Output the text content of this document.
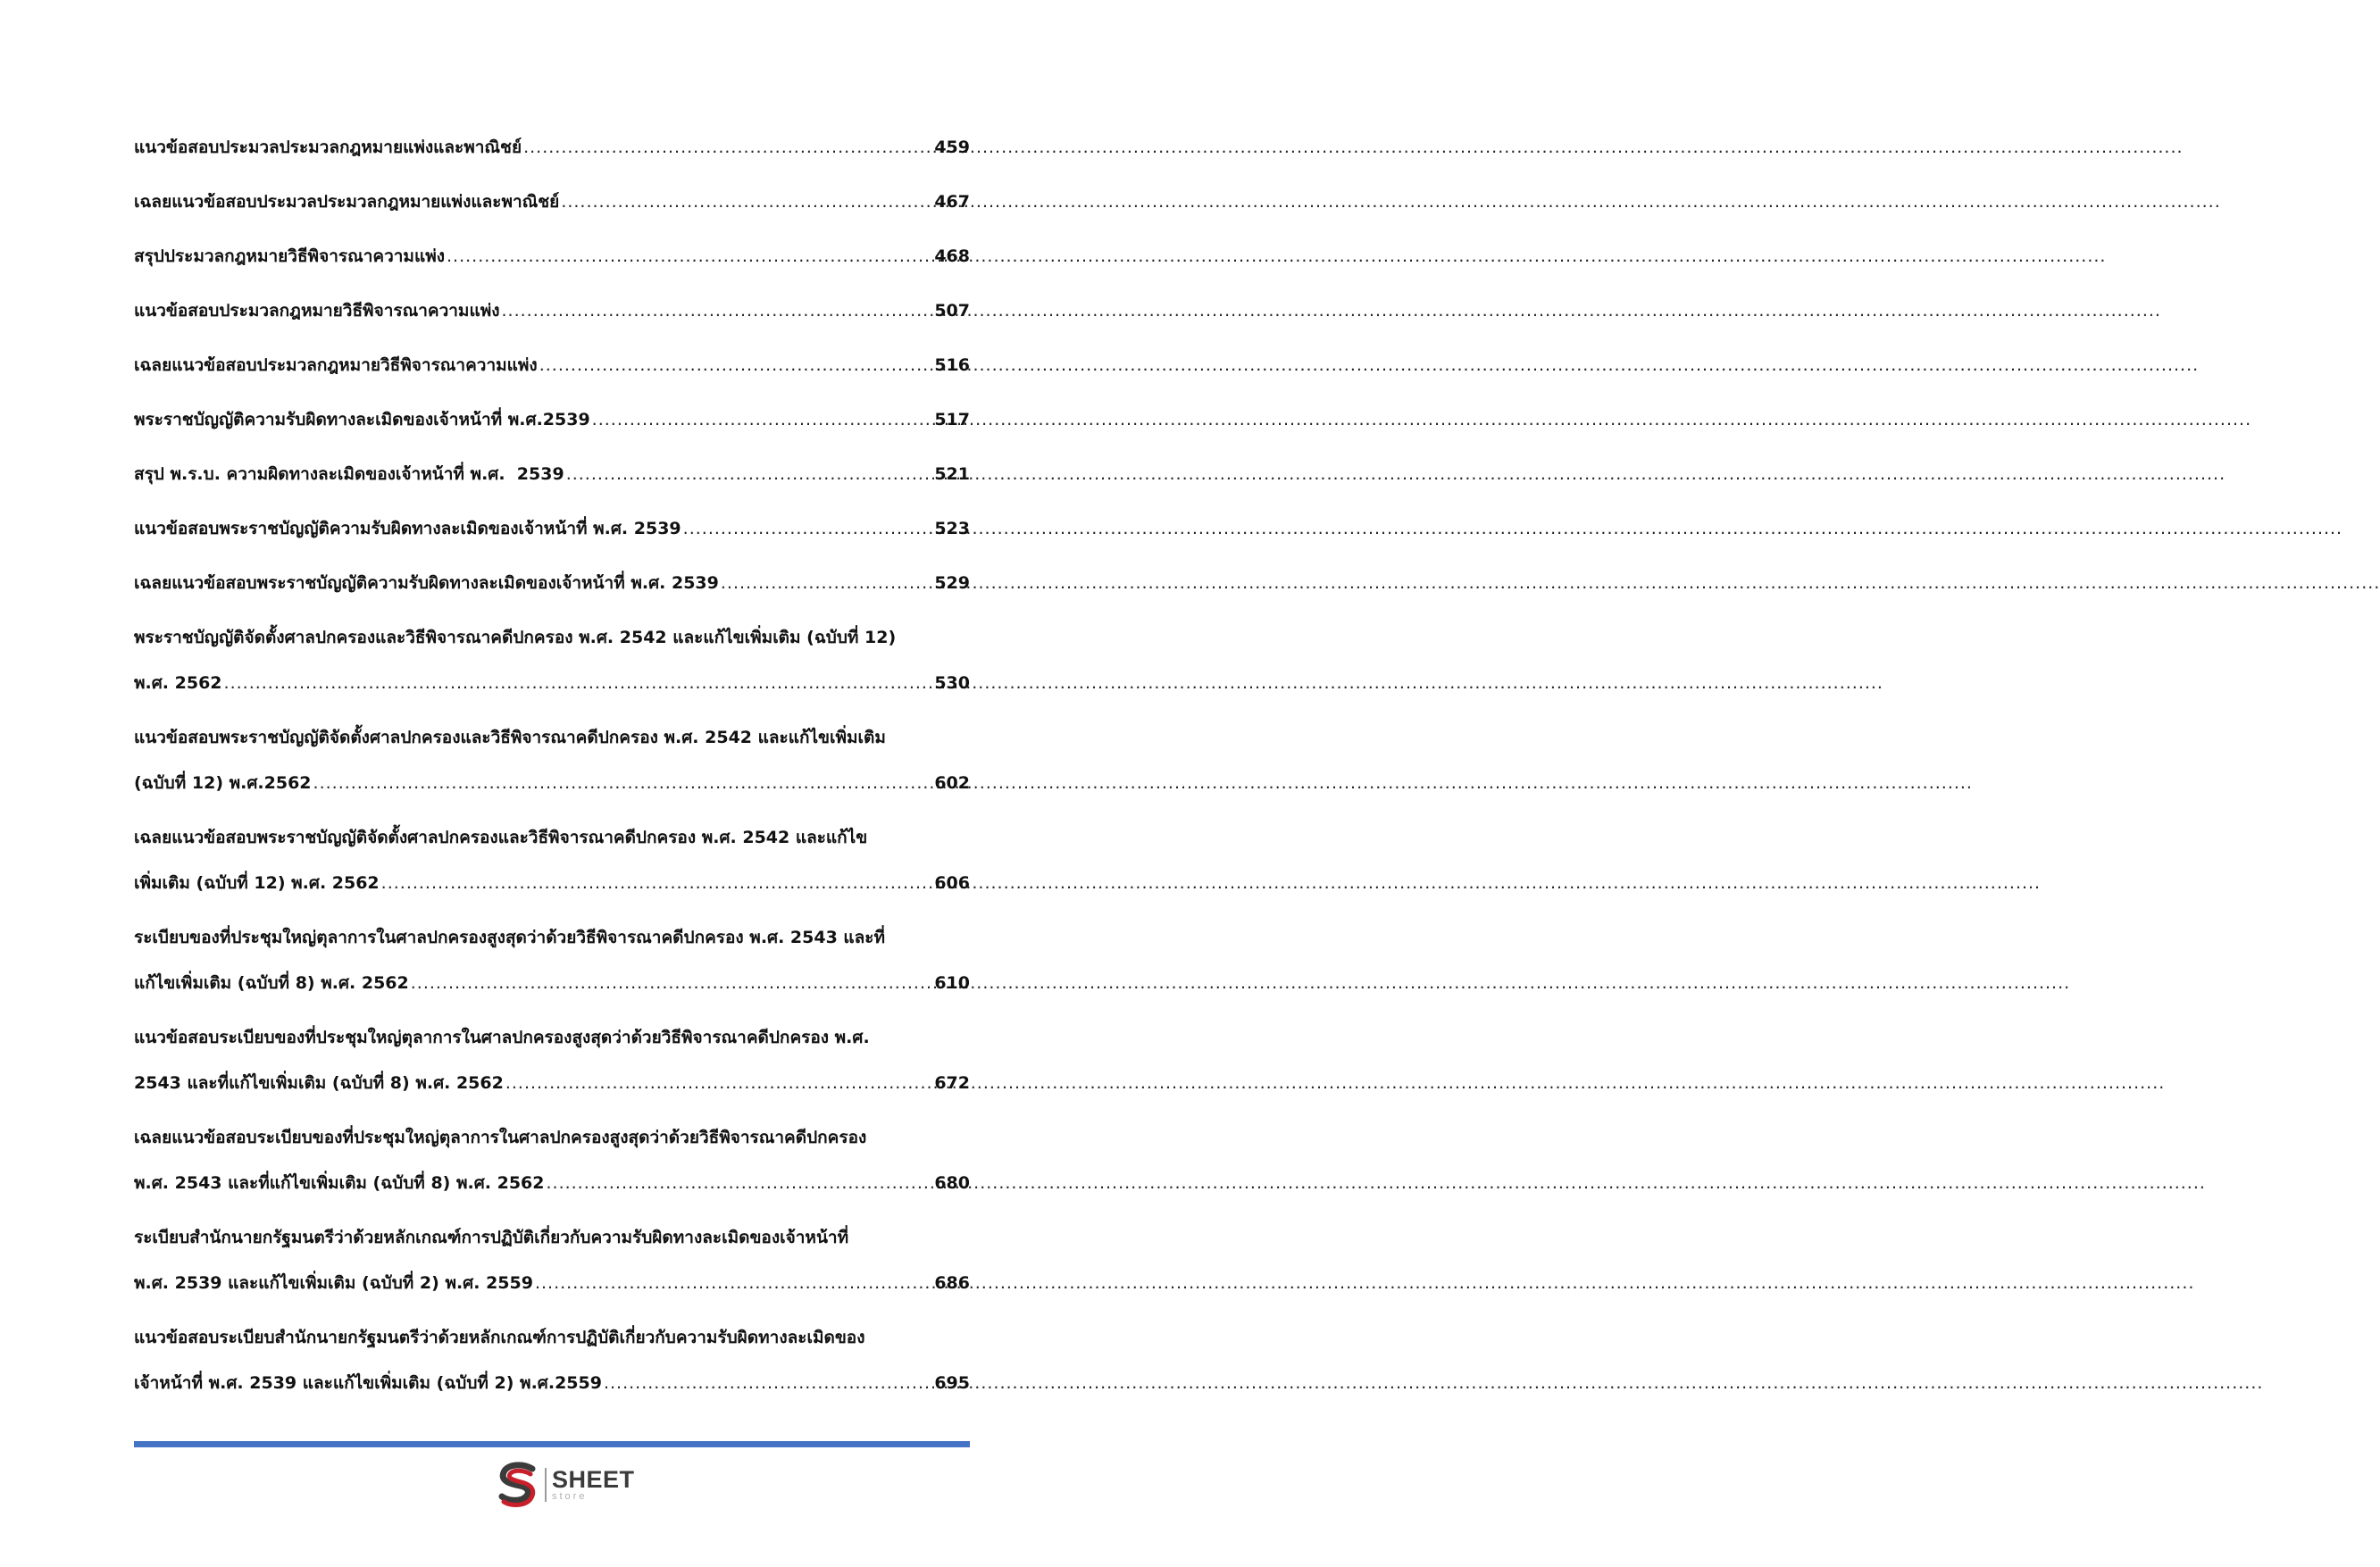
แนวข้อสอบประมวลประมวลกฎหมายแพ่งและพาณิชย์ .....	459
เฉลยแนวข้อสอบประมวลประมวลกฎหมายแพ่งและพาณิชย์ .....	467
สรุปประมวลกฎหมายวิธีพิจารณาความแพ่ง .....	468
แนวข้อสอบประมวลกฎหมายวิธีพิจารณาความแพ่ง .....	507
เฉลยแนวข้อสอบประมวลกฎหมายวิธีพิจารณาความแพ่ง .....	516
พระราชบัญญัติความรับผิดทางละเมิดของเจ้าหน้าที่ พ.ศ.2539 .....	517
สรุป พ.ร.บ. ความผิดทางละเมิดของเจ้าหน้าที่ พ.ศ.  2539 .....	521
แนวข้อสอบพระราชบัญญัติความรับผิดทางละเมิดของเจ้าหน้าที่ พ.ศ. 2539 .....	523
เฉลยแนวข้อสอบพระราชบัญญัติความรับผิดทางละเมิดของเจ้าหน้าที่ พ.ศ. 2539 .....	529
พระราชบัญญัติจัดตั้งศาลปกครองและวิธีพิจารณาคดีปกครอง พ.ศ. 2542 และแก้ไขเพิ่มเติม (ฉบับที่ 12)
พ.ศ. 2562 .....	530
แนวข้อสอบพระราชบัญญัติจัดตั้งศาลปกครองและวิธีพิจารณาคดีปกครอง พ.ศ. 2542 และแก้ไขเพิ่มเติม
(ฉบับที่ 12) พ.ศ.2562 .....	602
เฉลยแนวข้อสอบพระราชบัญญัติจัดตั้งศาลปกครองและวิธีพิจารณาคดีปกครอง พ.ศ. 2542 และแก้ไข
เพิ่มเติม (ฉบับที่ 12) พ.ศ. 2562 .....	606
ระเบียบของที่ประชุมใหญ่ตุลาการในศาลปกครองสูงสุดว่าด้วยวิธีพิจารณาคดีปกครอง พ.ศ. 2543 และที่
แก้ไขเพิ่มเติม (ฉบับที่ 8) พ.ศ. 2562 .....	610
แนวข้อสอบระเบียบของที่ประชุมใหญ่ตุลาการในศาลปกครองสูงสุดว่าด้วยวิธีพิจารณาคดีปกครอง พ.ศ.
2543 และที่แก้ไขเพิ่มเติม (ฉบับที่ 8) พ.ศ. 2562 .....	672
เฉลยแนวข้อสอบระเบียบของที่ประชุมใหญ่ตุลาการในศาลปกครองสูงสุดว่าด้วยวิธีพิจารณาคดีปกครอง
พ.ศ. 2543 และที่แก้ไขเพิ่มเติม (ฉบับที่ 8) พ.ศ. 2562 .....	680
ระเบียบสำนักนายกรัฐมนตรีว่าด้วยหลักเกณฑ์การปฏิบัติเกี่ยวกับความรับผิดทางละเมิดของเจ้าหน้าที่
พ.ศ. 2539 และแก้ไขเพิ่มเติม (ฉบับที่ 2) พ.ศ. 2559 .....	686
แนวข้อสอบระเบียบสำนักนายกรัฐมนตรีว่าด้วยหลักเกณฑ์การปฏิบัติเกี่ยวกับความรับผิดทางละเมิดของ
เจ้าหน้าที่ พ.ศ. 2539 และแก้ไขเพิ่มเติม (ฉบับที่ 2) พ.ศ.2559 .....	695
SHEET
store
